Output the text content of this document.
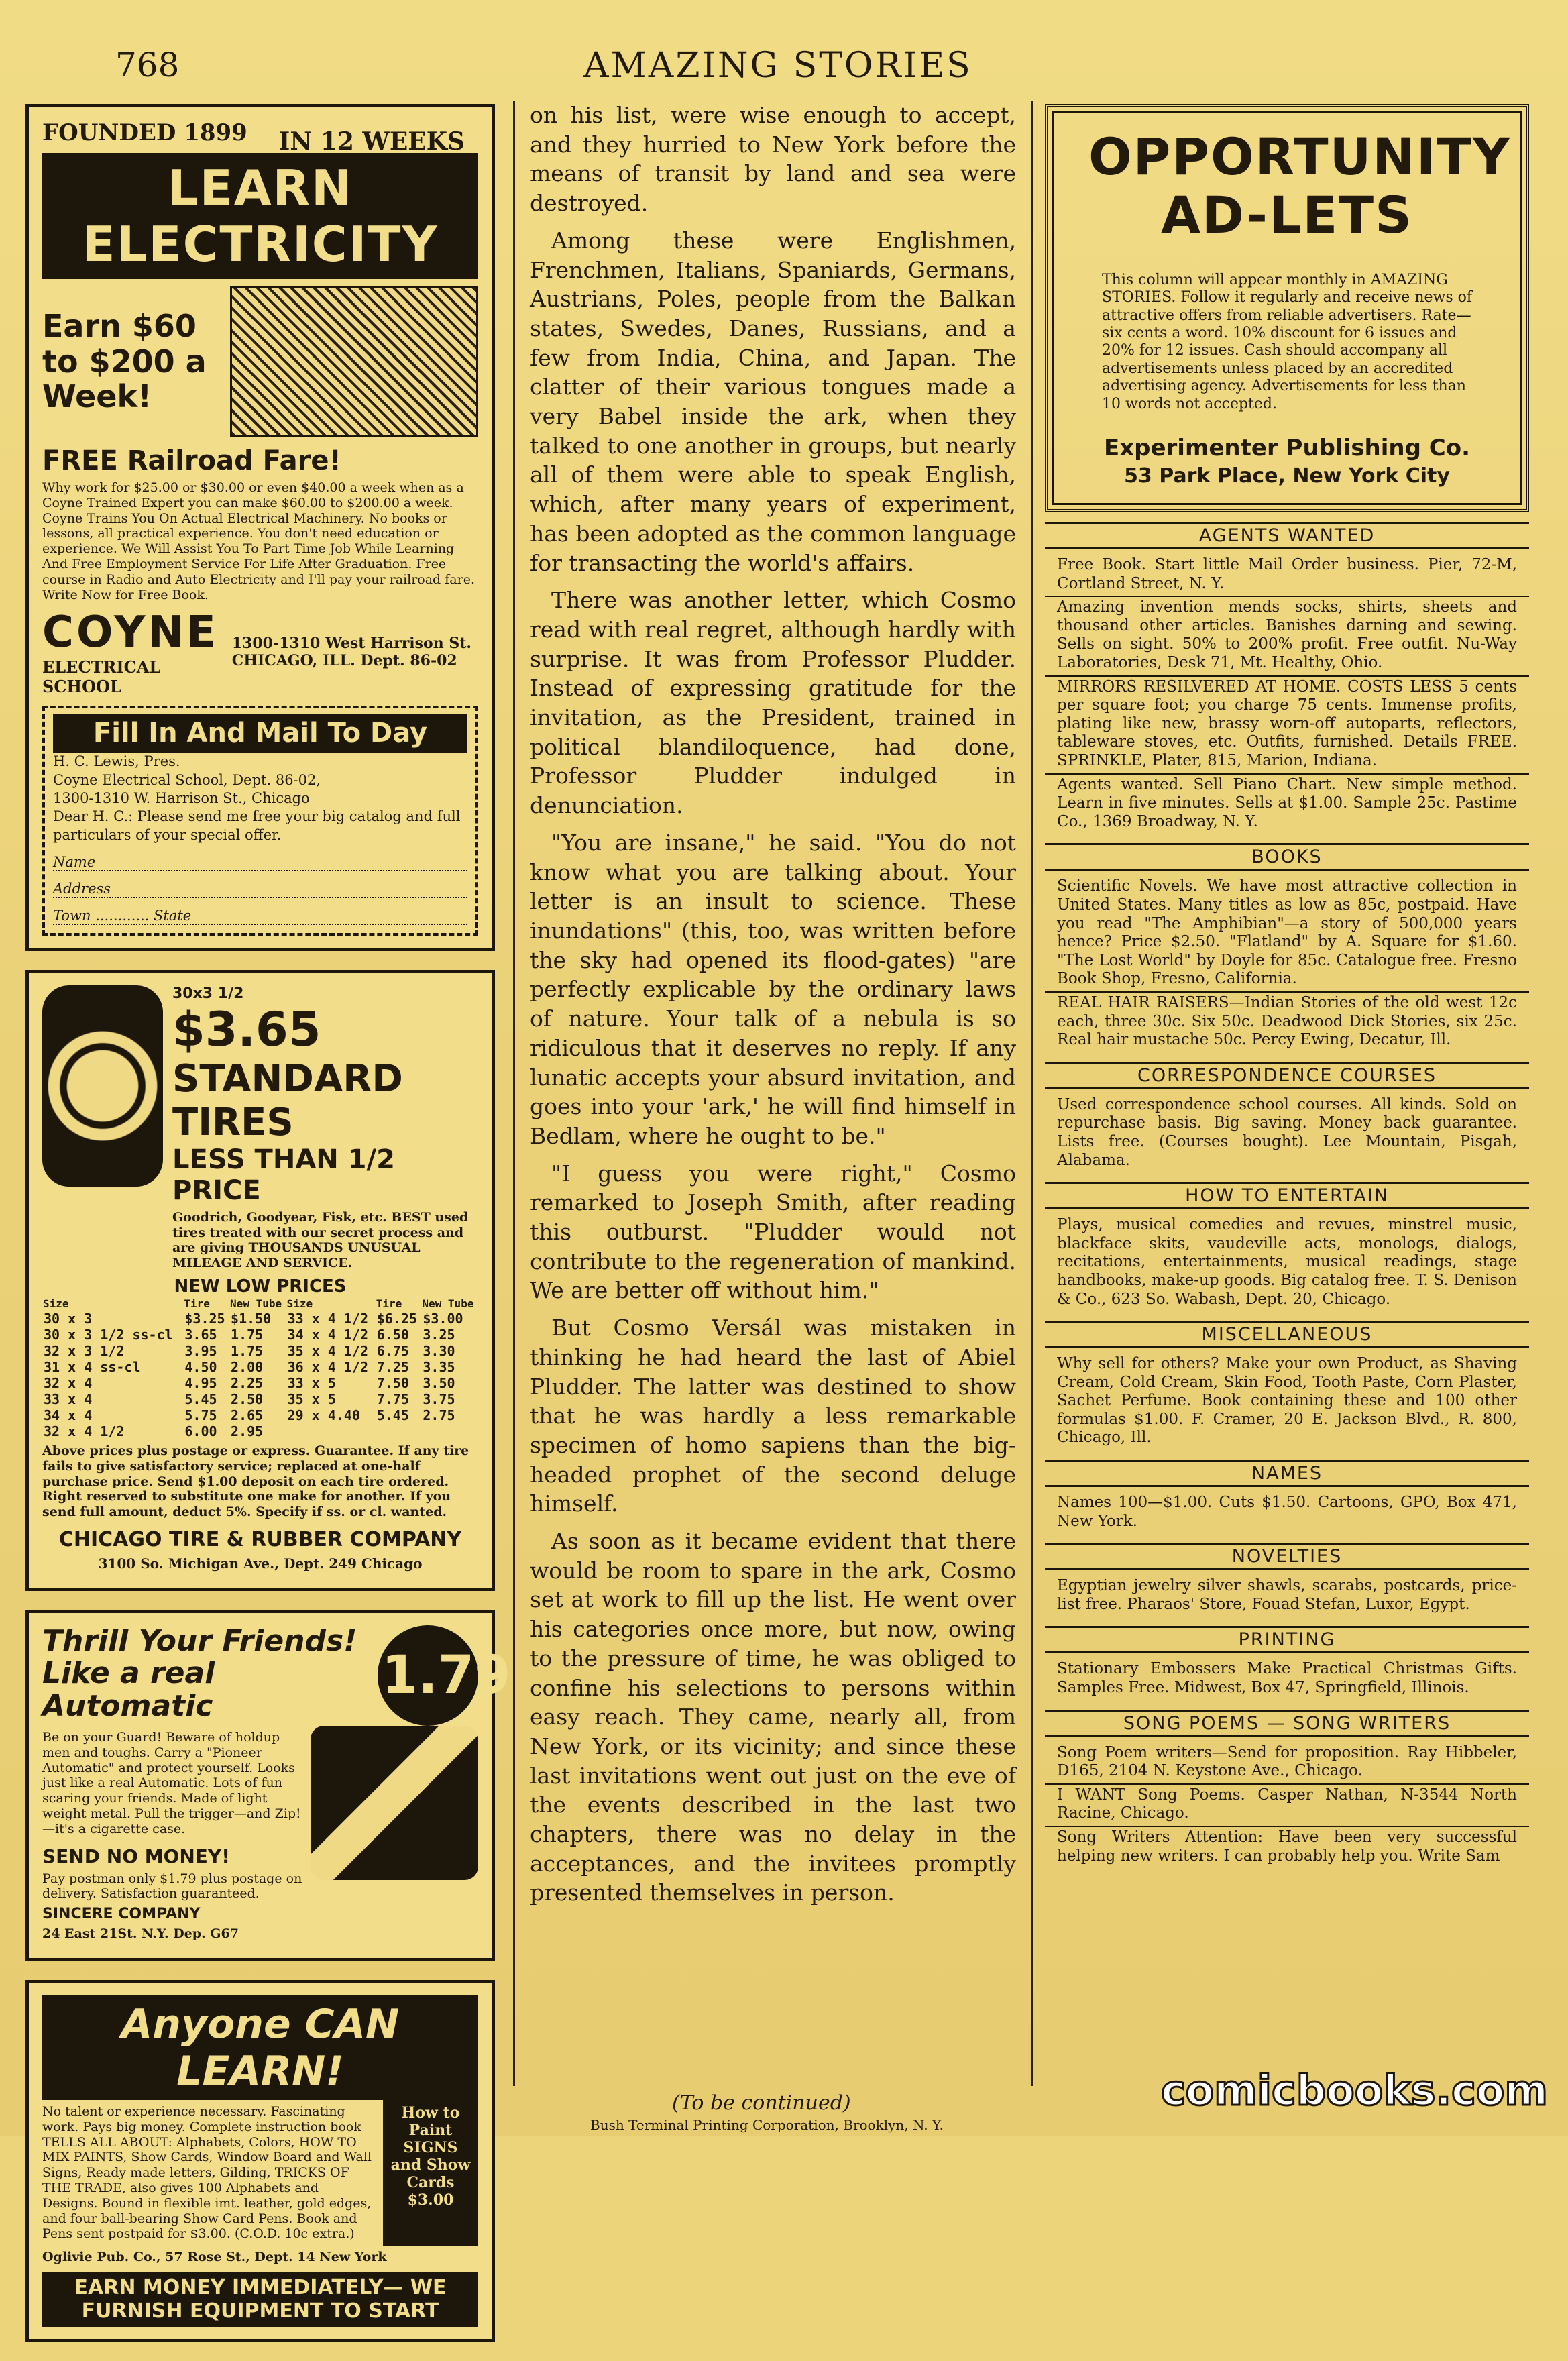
768	AMAZING STORIES
FOUNDED 1899	IN 12 WEEKS
LEARN ELECTRICITY
Earn $60 to $200 a Week!
FREE Railroad Fare!
Why work for $25.00 or $30.00 or even $40.00 a week when as a Coyne Trained Expert you can make $60.00 to $200.00 a week. Coyne Trains You On Actual Electrical Machinery. No books or lessons, all practical experience. You don't need education or experience. We Will Assist You To Part Time Job While Learning And Free Employment Service For Life After Graduation. Free course in Radio and Auto Electricity and I'll pay your railroad fare. Write Now for Free Book.
COYNE
ELECTRICAL SCHOOL
1300-1310 West Harrison St. CHICAGO, ILL. Dept. 86-02
Fill In And Mail To Day
H. C. Lewis, Pres.
Coyne Electrical School, Dept. 86-02,
1300-1310 W. Harrison St., Chicago
Dear H. C.: Please send me free your big catalog and full particulars of your special offer.
Name
Address
Town ............ State
30x3 1/2
$3.65
STANDARD TIRES
LESS THAN 1/2 PRICE
Goodrich, Goodyear, Fisk, etc. BEST used tires treated with our secret process and are giving THOUSANDS UNUSUAL MILEAGE AND SERVICE.
NEW LOW PRICES
Size	Tire	New Tube	Size	Tire	New Tube
30 x 3	$3.25	$1.50	33 x 4 1/2	$6.25	$3.00
30 x 3 1/2 ss-cl	3.65	1.75	34 x 4 1/2	6.50	3.25
32 x 3 1/2	3.95	1.75	35 x 4 1/2	6.75	3.30
31 x 4 ss-cl	4.50	2.00	36 x 4 1/2	7.25	3.35
32 x 4	4.95	2.25	33 x 5	7.50	3.50
33 x 4	5.45	2.50	35 x 5	7.75	3.75
34 x 4	5.75	2.65	29 x 4.40	5.45	2.75
32 x 4 1/2	6.00	2.95			
Above prices plus postage or express. Guarantee. If any tire fails to give satisfactory service; replaced at one-half purchase price. Send $1.00 deposit on each tire ordered. Right reserved to substitute one make for another. If you send full amount, deduct 5%. Specify if ss. or cl. wanted.
CHICAGO TIRE & RUBBER COMPANY
3100 So. Michigan Ave., Dept. 249 Chicago
Thrill Your Friends! Like a real Automatic
$1.79
Be on your Guard! Beware of holdup men and toughs. Carry a "Pioneer Automatic" and protect yourself. Looks just like a real Automatic. Lots of fun scaring your friends. Made of light weight metal. Pull the trigger—and Zip!—it's a cigarette case.
SEND NO MONEY!
Pay postman only $1.79 plus postage on delivery. Satisfaction guaranteed.
SINCERE COMPANY
24 East 21St. N.Y. Dep. G67
Anyone CAN LEARN!
No talent or experience necessary. Fascinating work. Pays big money. Complete instruction book TELLS ALL ABOUT: Alphabets, Colors, HOW TO MIX PAINTS, Show Cards, Window Board and Wall Signs, Ready made letters, Gilding, TRICKS OF THE TRADE, also gives 100 Alphabets and Designs. Bound in flexible imt. leather, gold edges, and four ball-bearing Show Card Pens. Book and Pens sent postpaid for $3.00. (C.O.D. 10c extra.)
How to Paint SIGNS and Show Cards
$3.00
Oglivie Pub. Co., 57 Rose St., Dept. 14 New York
EARN MONEY IMMEDIATELY— WE FURNISH EQUIPMENT TO START

on his list, were wise enough to accept, and they hurried to New York before the means of transit by land and sea were destroyed.

Among these were Englishmen, Frenchmen, Italians, Spaniards, Germans, Austrians, Poles, people from the Balkan states, Swedes, Danes, Russians, and a few from India, China, and Japan. The clatter of their various tongues made a very Babel inside the ark, when they talked to one another in groups, but nearly all of them were able to speak English, which, after many years of experiment, has been adopted as the common language for transacting the world's affairs.

There was another letter, which Cosmo read with real regret, although hardly with surprise. It was from Professor Pludder. Instead of expressing gratitude for the invitation, as the President, trained in political blandiloquence, had done, Professor Pludder indulged in denunciation.

"You are insane," he said. "You do not know what you are talking about. Your letter is an insult to science. These inundations" (this, too, was written before the sky had opened its flood-gates) "are perfectly explicable by the ordinary laws of nature. Your talk of a nebula is so ridiculous that it deserves no reply. If any lunatic accepts your absurd invitation, and goes into your 'ark,' he will find himself in Bedlam, where he ought to be."

"I guess you were right," Cosmo remarked to Joseph Smith, after reading this outburst. "Pludder would not contribute to the regeneration of mankind. We are better off without him."

But Cosmo Versál was mistaken in thinking he had heard the last of Abiel Pludder. The latter was destined to show that he was hardly a less remarkable specimen of homo sapiens than the big-headed prophet of the second deluge himself.

As soon as it became evident that there would be room to spare in the ark, Cosmo set at work to fill up the list. He went over his categories once more, but now, owing to the pressure of time, he was obliged to confine his selections to persons within easy reach. They came, nearly all, from New York, or its vicinity; and since these last invitations went out just on the eve of the events described in the last two chapters, there was no delay in the acceptances, and the invitees promptly presented themselves in person.

OPPORTUNITY
AD-LETS
This column will appear monthly in AMAZING STORIES. Follow it regularly and receive news of attractive offers from reliable advertisers. Rate—six cents a word. 10% discount for 6 issues and 20% for 12 issues. Cash should accompany all advertisements unless placed by an accredited advertising agency. Advertisements for less than 10 words not accepted.
Experimenter Publishing Co.
53 Park Place, New York City
AGENTS WANTED
Free Book. Start little Mail Order business. Pier, 72-M, Cortland Street, N. Y.
Amazing invention mends socks, shirts, sheets and thousand other articles. Banishes darning and sewing. Sells on sight. 50% to 200% profit. Free outfit. Nu-Way Laboratories, Desk 71, Mt. Healthy, Ohio.
MIRRORS RESILVERED AT HOME. COSTS LESS 5 cents per square foot; you charge 75 cents. Immense profits, plating like new, brassy worn-off autoparts, reflectors, tableware stoves, etc. Outfits, furnished. Details FREE. SPRINKLE, Plater, 815, Marion, Indiana.
Agents wanted. Sell Piano Chart. New simple method. Learn in five minutes. Sells at $1.00. Sample 25c. Pastime Co., 1369 Broadway, N. Y.
BOOKS
Scientific Novels. We have most attractive collection in United States. Many titles as low as 85c, postpaid. Have you read "The Amphibian"—a story of 500,000 years hence? Price $2.50. "Flatland" by A. Square for $1.60. "The Lost World" by Doyle for 85c. Catalogue free. Fresno Book Shop, Fresno, California.
REAL HAIR RAISERS—Indian Stories of the old west 12c each, three 30c. Six 50c. Deadwood Dick Stories, six 25c. Real hair mustache 50c. Percy Ewing, Decatur, Ill.
CORRESPONDENCE COURSES
Used correspondence school courses. All kinds. Sold on repurchase basis. Big saving. Money back guarantee. Lists free. (Courses bought). Lee Mountain, Pisgah, Alabama.
HOW TO ENTERTAIN
Plays, musical comedies and revues, minstrel music, blackface skits, vaudeville acts, monologs, dialogs, recitations, entertainments, musical readings, stage handbooks, make-up goods. Big catalog free. T. S. Denison & Co., 623 So. Wabash, Dept. 20, Chicago.
MISCELLANEOUS
Why sell for others? Make your own Product, as Shaving Cream, Cold Cream, Skin Food, Tooth Paste, Corn Plaster, Sachet Perfume. Book containing these and 100 other formulas $1.00. F. Cramer, 20 E. Jackson Blvd., R. 800, Chicago, Ill.
NAMES
Names 100—$1.00. Cuts $1.50. Cartoons, GPO, Box 471, New York.
NOVELTIES
Egyptian jewelry silver shawls, scarabs, postcards, price-list free. Pharaos' Store, Fouad Stefan, Luxor, Egypt.
PRINTING
Stationary Embossers Make Practical Christmas Gifts. Samples Free. Midwest, Box 47, Springfield, Illinois.
SONG POEMS — SONG WRITERS
Song Poem writers—Send for proposition. Ray Hibbeler, D165, 2104 N. Keystone Ave., Chicago.
I WANT Song Poems. Casper Nathan, N-3544 North Racine, Chicago.
Song Writers Attention: Have been very successful helping new writers. I can probably help you. Write Sam
(To be continued)
Bush Terminal Printing Corporation, Brooklyn, N. Y.
comicbooks.com
